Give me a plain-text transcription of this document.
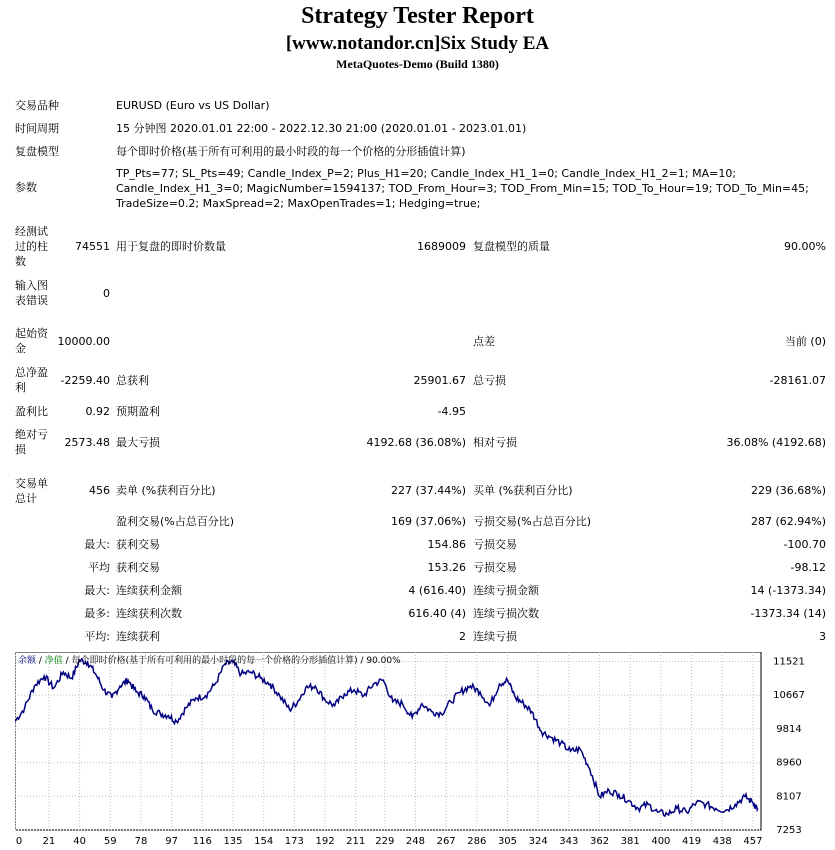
Strategy Tester Report
[www.notandor.cn]Six Study EA
MetaQuotes-Demo (Build 1380)
交易品种	EURUSD (Euro vs US Dollar)
时间周期	15 分钟图 2020.01.01 22:00 - 2022.12.30 21:00 (2020.01.01 - 2023.01.01)
复盘模型	每个即时价格(基于所有可利用的最小时段的每一个价格的分形插值计算)
参数
TP_Pts=77; SL_Pts=49; Candle_Index_P=2; Plus_H1=20; Candle_Index_H1_1=0; Candle_Index_H1_2=1; MA=10; Candle_Index_H1_3=0; MagicNumber=1594137; TOD_From_Hour=3; TOD_From_Min=15; TOD_To_Hour=19; TOD_To_Min=45; TradeSize=0.2; MaxSpread=2; MaxOpenTrades=1; Hedging=true;
经测试过的柱数
74551 用于复盘的即时价数量	1689009 复盘模型的质量	90.00%
输入图表错误
0
起始资金
10000.00	点差	当前 (0)
总净盈利
-2259.40 总获利	25901.67 总亏损	-28161.07
盈利比	0.92 预期盈利	-4.95
绝对亏损
2573.48 最大亏损	4192.68 (36.08%) 相对亏损	36.08% (4192.68)
交易单总计
456 卖单 (%获利百分比)	227 (37.44%) 买单 (%获利百分比)	229 (36.68%)
盈利交易(%占总百分比)	169 (37.06%) 亏损交易(%占总百分比)	287 (62.94%)
最大: 获利交易	154.86 亏损交易	-100.70
平均 获利交易	153.26 亏损交易	-98.12
最大: 连续获利金额	4 (616.40) 连续亏损金额	14 (-1373.34)
最多: 连续获利次数	616.40 (4) 连续亏损次数	-1373.34 (14)
平均: 连续获利	2 连续亏损	3
7253
8107
8960
9814
10667
11521
0 21 40 59 78 97 116 135 154 173 192 211 229 248 267 286 305 324 343 362 381 400 419 438 457
余额 / 净值 / 每个即时价格(基于所有可利用的最小时段的每一个价格的分形插值计算) / 90.00%
